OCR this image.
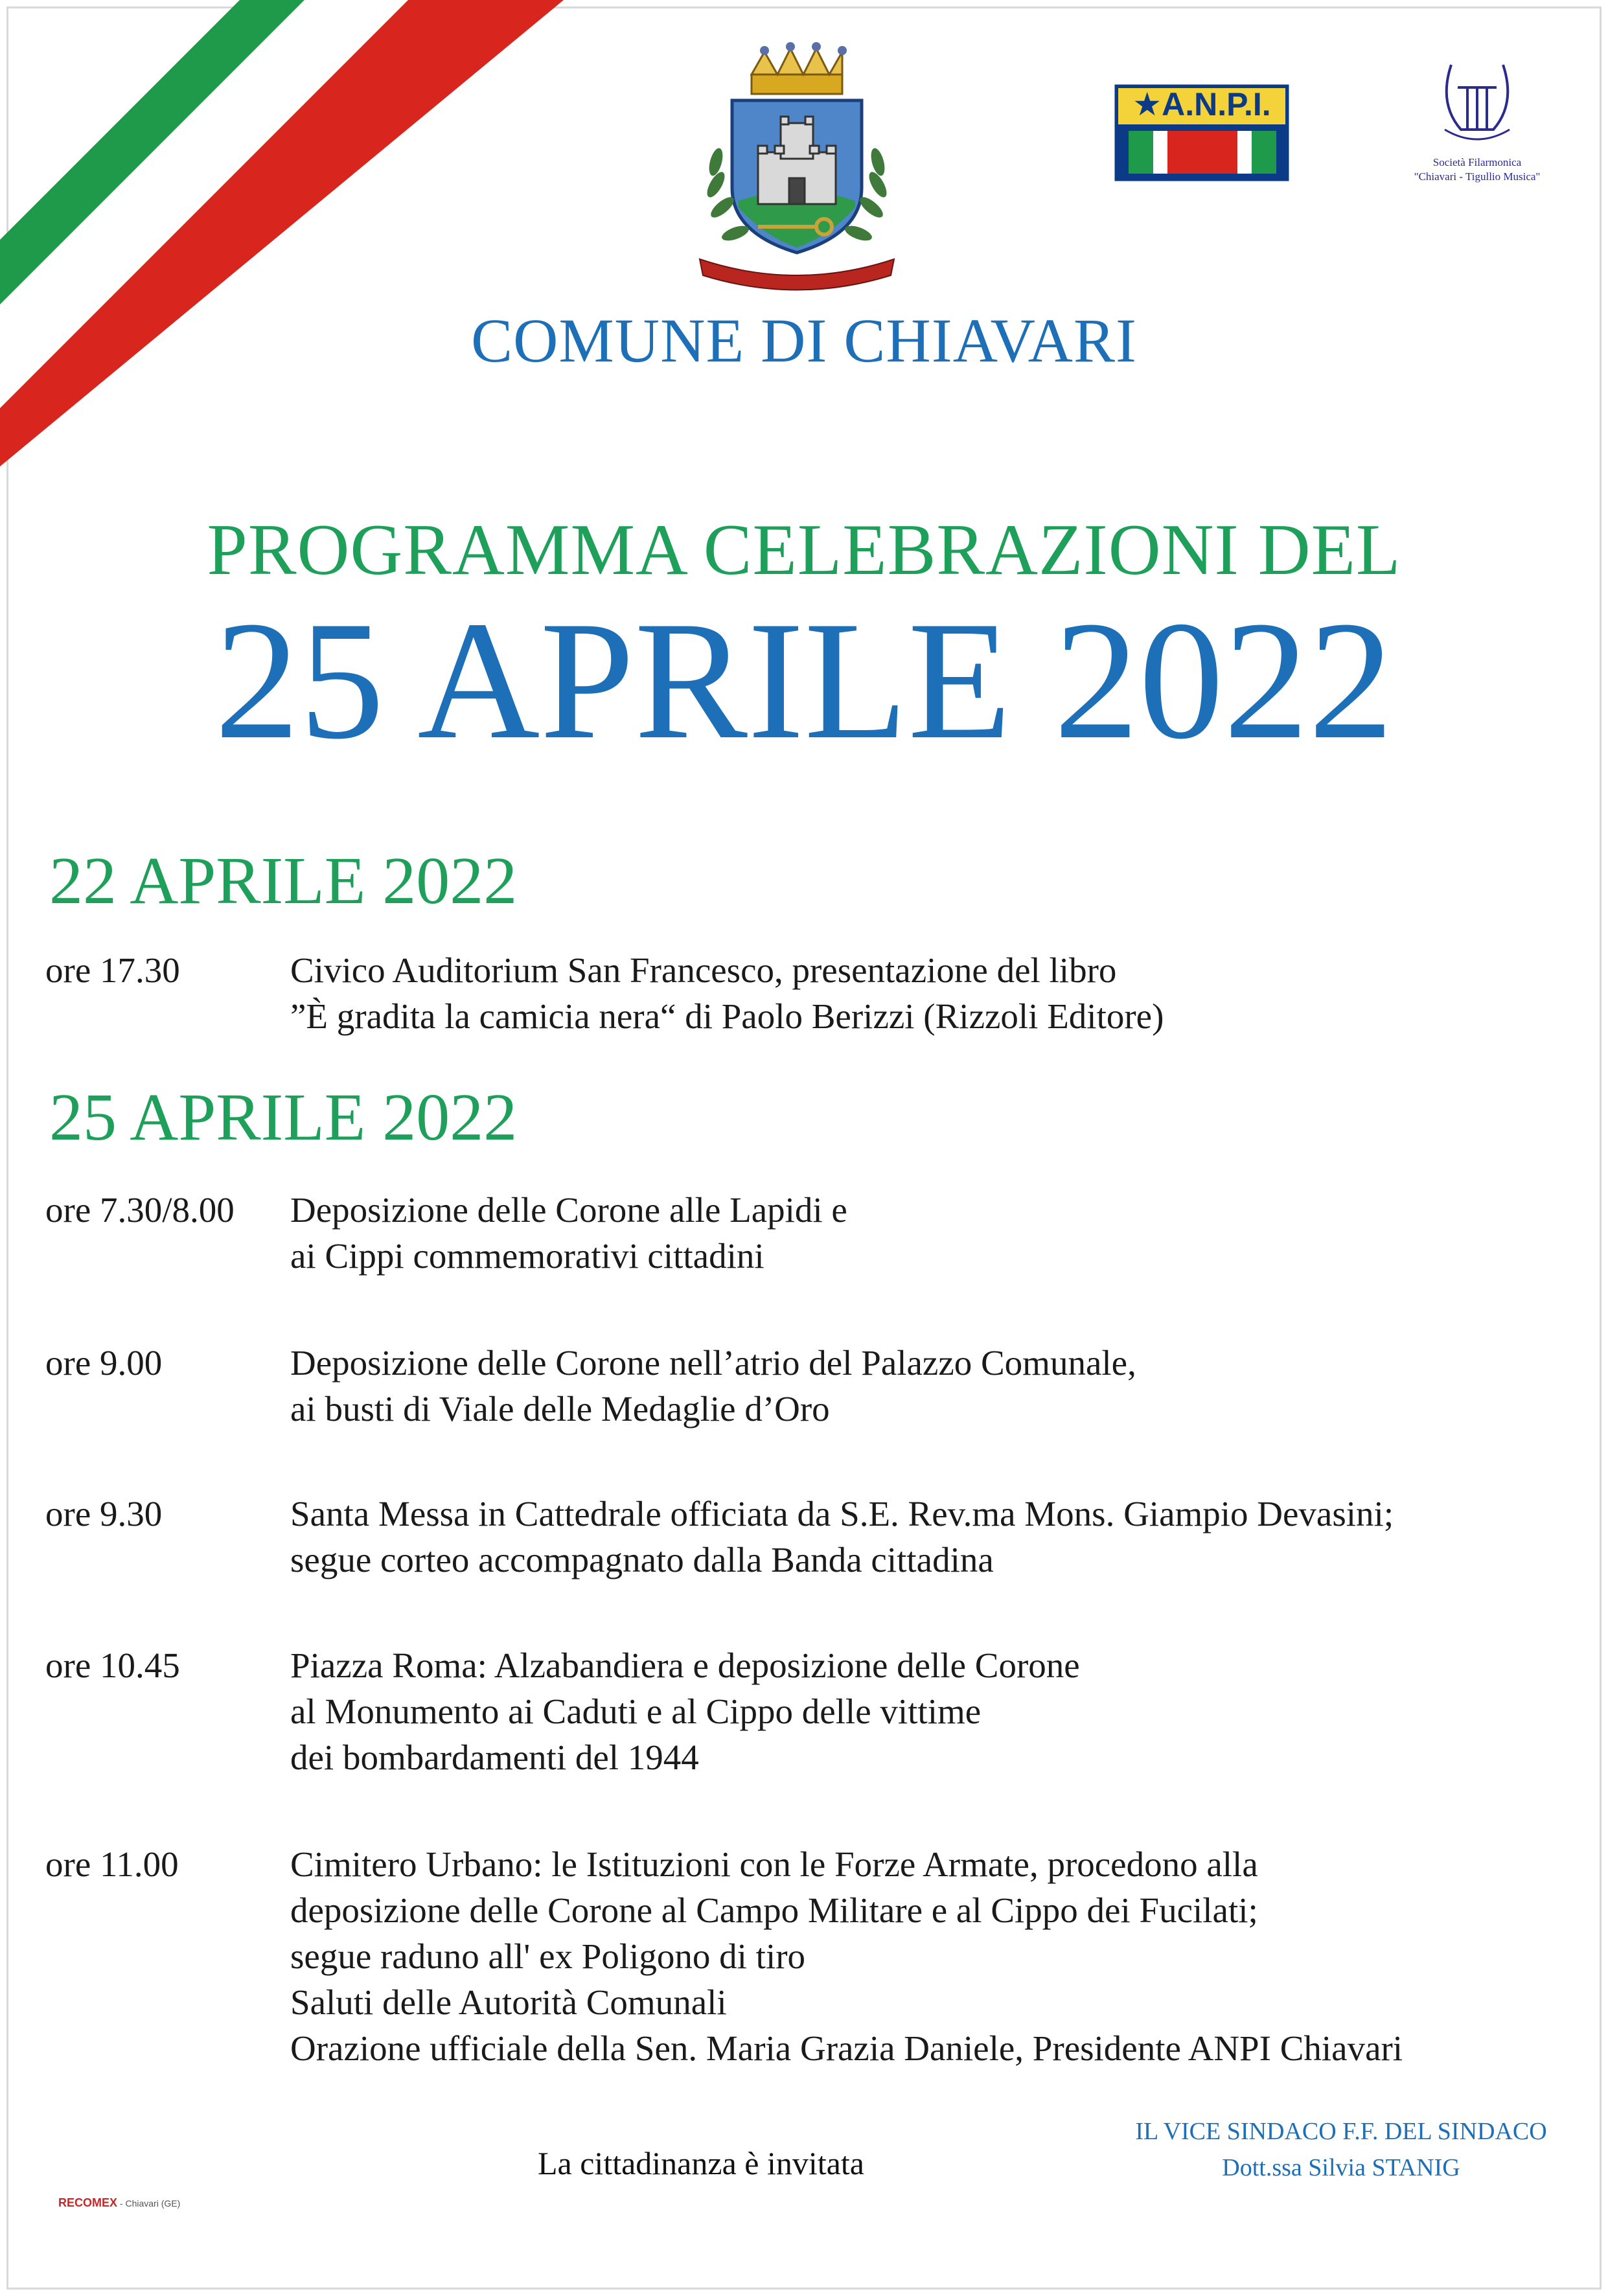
★A.N.P.I.
Società Filarmonica
"Chiavari - Tigullio Musica"
COMUNE DI CHIAVARI
PROGRAMMA CELEBRAZIONI DEL
25 APRILE 2022
22 APRILE 2022
ore 17.30	Civico Auditorium San Francesco, presentazione del libro
”È gradita la camicia nera“ di Paolo Berizzi (Rizzoli Editore)
25 APRILE 2022
ore 7.30/8.00 Deposizione delle Corone alle Lapidi e
ai Cippi commemorativi cittadini
ore 9.00	Deposizione delle Corone nell’atrio del Palazzo Comunale,
ai busti di Viale delle Medaglie d’Oro
ore 9.30	Santa Messa in Cattedrale officiata da S.E. Rev.ma Mons. Giampio Devasini;
segue corteo accompagnato dalla Banda cittadina
ore 10.45	Piazza Roma: Alzabandiera e deposizione delle Corone
al Monumento ai Caduti e al Cippo delle vittime
dei bombardamenti del 1944
ore 11.00	Cimitero Urbano: le Istituzioni con le Forze Armate, procedono alla
deposizione delle Corone al Campo Militare e al Cippo dei Fucilati;
segue raduno all' ex Poligono di tiro
Saluti delle Autorità Comunali
Orazione ufficiale della Sen. Maria Grazia Daniele, Presidente ANPI Chiavari
La cittadinanza è invitata
IL VICE SINDACO F.F. DEL SINDACO
Dott.ssa Silvia STANIG
RECOMEX - Chiavari (GE)
